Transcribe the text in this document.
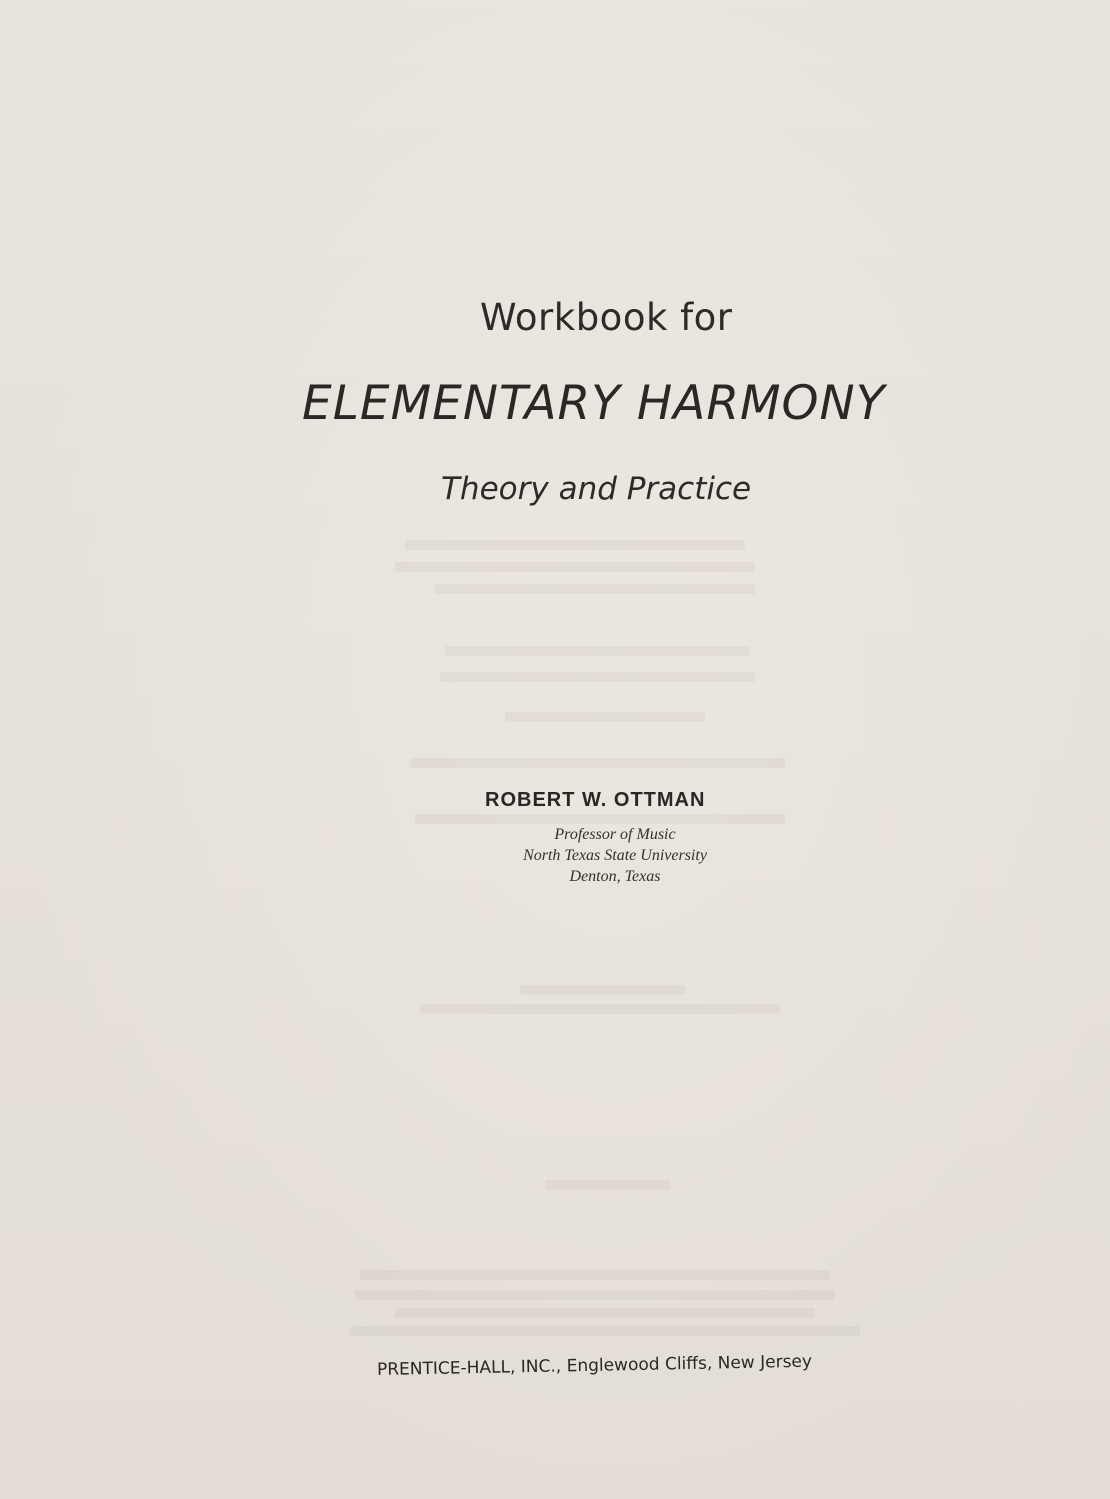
Workbook for
ELEMENTARY HARMONY
Theory and Practice
ROBERT W. OTTMAN
Professor of Music
North Texas State University
Denton, Texas
PRENTICE-HALL, INC., Englewood Cliffs, New Jersey
